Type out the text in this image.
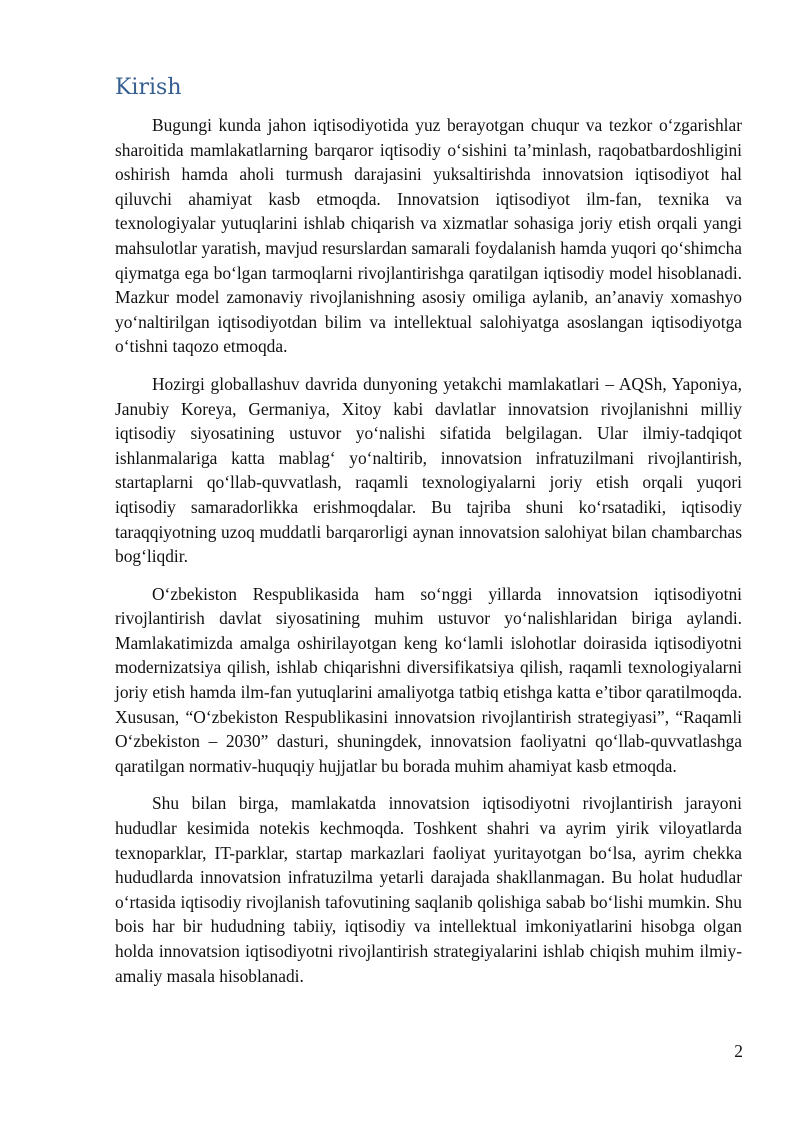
Kirish

Bugungi kunda jahon iqtisodiyotida yuz berayotgan chuqur va tezkor o‘zgarishlar sharoitida mamlakatlarning barqaror iqtisodiy o‘sishini ta’minlash, raqobatbardoshligini oshirish hamda aholi turmush darajasini yuksaltirishda innovatsion iqtisodiyot hal qiluvchi ahamiyat kasb etmoqda. Innovatsion iqtisodiyot ilm-fan, texnika va texnologiyalar yutuqlarini ishlab chiqarish va xizmatlar sohasiga joriy etish orqali yangi mahsulotlar yaratish, mavjud resurslardan samarali foydalanish hamda yuqori qo‘shimcha qiymatga ega bo‘lgan tarmoqlarni rivojlantirishga qaratilgan iqtisodiy model hisoblanadi. Mazkur model zamonaviy rivojlanishning asosiy omiliga aylanib, an’anaviy xomashyo yo‘naltirilgan iqtisodiyotdan bilim va intellektual salohiyatga asoslangan iqtisodiyotga o‘tishni taqozo etmoqda.

Hozirgi globallashuv davrida dunyoning yetakchi mamlakatlari – AQSh, Yaponiya, Janubiy Koreya, Germaniya, Xitoy kabi davlatlar innovatsion rivojlanishni milliy iqtisodiy siyosatining ustuvor yo‘nalishi sifatida belgilagan. Ular ilmiy-tadqiqot ishlanmalariga katta mablag‘ yo‘naltirib, innovatsion infratuzilmani rivojlantirish, startaplarni qo‘llab-quvvatlash, raqamli texnologiyalarni joriy etish orqali yuqori iqtisodiy samaradorlikka erishmoqdalar. Bu tajriba shuni ko‘rsatadiki, iqtisodiy taraqqiyotning uzoq muddatli barqarorligi aynan innovatsion salohiyat bilan chambarchas bog‘liqdir.

O‘zbekiston Respublikasida ham so‘nggi yillarda innovatsion iqtisodiyotni rivojlantirish davlat siyosatining muhim ustuvor yo‘nalishlaridan biriga aylandi. Mamlakatimizda amalga oshirilayotgan keng ko‘lamli islohotlar doirasida iqtisodiyotni modernizatsiya qilish, ishlab chiqarishni diversifikatsiya qilish, raqamli texnologiyalarni joriy etish hamda ilm-fan yutuqlarini amaliyotga tatbiq etishga katta e’tibor qaratilmoqda. Xususan, “O‘zbekiston Respublikasini innovatsion rivojlantirish strategiyasi”, “Raqamli O‘zbekiston – 2030” dasturi, shuningdek, innovatsion faoliyatni qo‘llab-quvvatlashga qaratilgan normativ-huquqiy hujjatlar bu borada muhim ahamiyat kasb etmoqda.

Shu bilan birga, mamlakatda innovatsion iqtisodiyotni rivojlantirish jarayoni hududlar kesimida notekis kechmoqda. Toshkent shahri va ayrim yirik viloyatlarda texnoparklar, IT-parklar, startap markazlari faoliyat yuritayotgan bo‘lsa, ayrim chekka hududlarda innovatsion infratuzilma yetarli darajada shakllanmagan. Bu holat hududlar o‘rtasida iqtisodiy rivojlanish tafovutining saqlanib qolishiga sabab bo‘lishi mumkin. Shu bois har bir hududning tabiiy, iqtisodiy va intellektual imkoniyatlarini hisobga olgan holda innovatsion iqtisodiyotni rivojlantirish strategiyalarini ishlab chiqish muhim ilmiy-amaliy masala hisoblanadi.

2
